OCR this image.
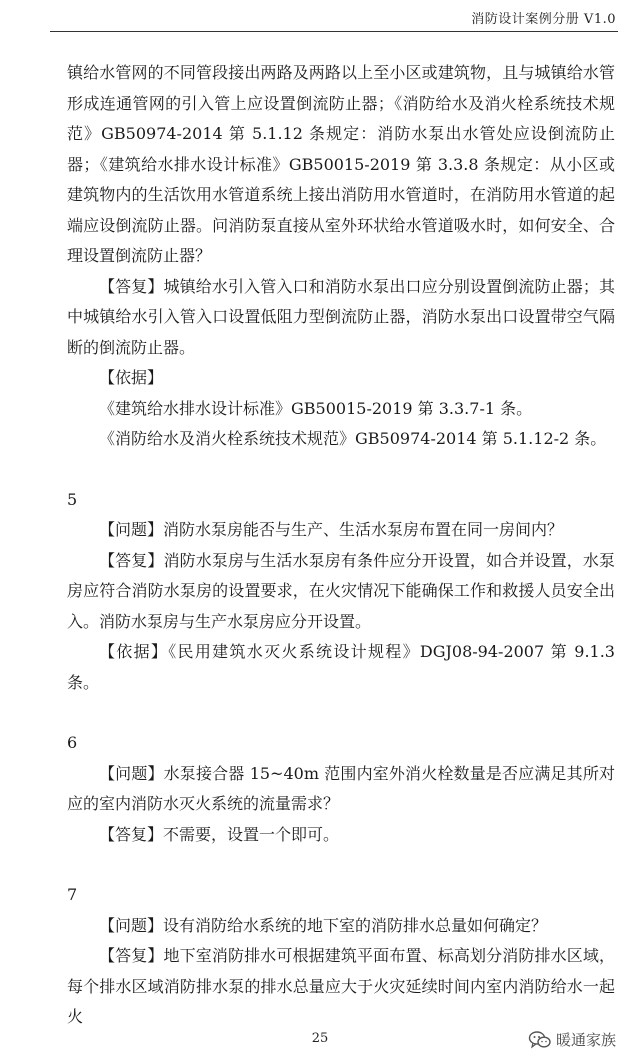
消防设计案例分册 V1.0

镇给水管网的不同管段接出两路及两路以上至小区或建筑物，且与城镇给水管形成连通管网的引入管上应设置倒流防止器；《消防给水及消火栓系统技术规范》GB50974-2014 第 5.1.12 条规定：消防水泵出水管处应设倒流防止器；《建筑给水排水设计标准》GB50015-2019 第 3.3.8 条规定：从小区或建筑物内的生活饮用水管道系统上接出消防用水管道时，在消防用水管道的起端应设倒流防止器。问消防泵直接从室外环状给水管道吸水时，如何安全、合理设置倒流防止器？

【答复】城镇给水引入管入口和消防水泵出口应分别设置倒流防止器；其中城镇给水引入管入口设置低阻力型倒流防止器，消防水泵出口设置带空气隔断的倒流防止器。

【依据】

《建筑给水排水设计标准》GB50015-2019 第 3.3.7-1 条。

《消防给水及消火栓系统技术规范》GB50974-2014 第 5.1.12-2 条。

5

【问题】消防水泵房能否与生产、生活水泵房布置在同一房间内？

【答复】消防水泵房与生活水泵房有条件应分开设置，如合并设置，水泵房应符合消防水泵房的设置要求，在火灾情况下能确保工作和救援人员安全出入。消防水泵房与生产水泵房应分开设置。

【依据】《民用建筑水灭火系统设计规程》DGJ08-94-2007 第 9.1.3 条。

6

【问题】水泵接合器 15~40m 范围内室外消火栓数量是否应满足其所对应的室内消防水灭火系统的流量需求？

【答复】不需要，设置一个即可。

7

【问题】设有消防给水系统的地下室的消防排水总量如何确定？

【答复】地下室消防排水可根据建筑平面布置、标高划分消防排水区域，每个排水区域消防排水泵的排水总量应大于火灾延续时间内室内消防给水一起火

25	暖通家族
